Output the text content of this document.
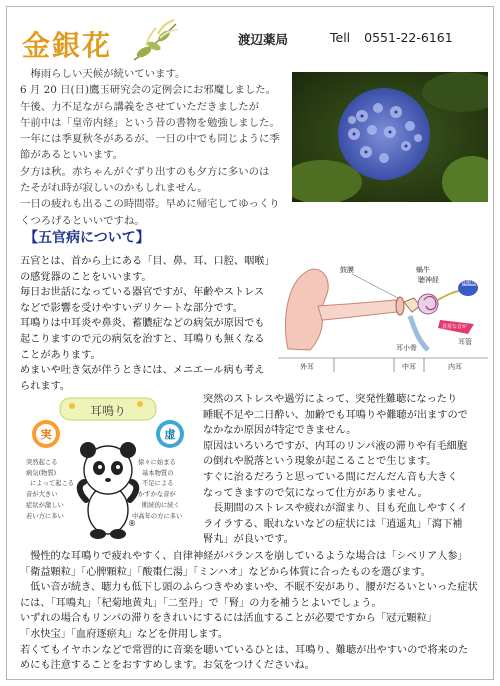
金銀花	渡辺薬局	Tell 0551-22-6161

梅雨らしい天候が続いています。

6 月 20 日(日)鷹玉研究会の定例会にお邪魔しました。

午後、力不足ながら講義をさせていただきましたが

午前中は「皇帝内経」という昔の書物を勉強しました。

一年には季夏秋冬があるが、一日の中でも同じように季

節があるといいます。

夕方は秋。赤ちゃんがぐずり出すのも夕方に多いのは

たそがれ時が寂しいのかもしれません。

一日の疲れも出るこの時間帯。早めに帰宅してゆっくり

くつろげるといいですね。

【五官病について】

五官とは、首から上にある「目、鼻、耳、口腔、咽喉」

の感覚器のことをいいます。

毎日お世話になっている器官ですが、年齢やストレス

などで影響を受けやすいデリケートな部分です。

耳鳴りは中耳炎や鼻炎、蓄膿症などの病気が原因でも

起こりますので元の病気を治すと、耳鳴りも無くなる

ことがあります。

めまいや吐き気が伴うときには、メニエール病も考え

られます。

鼓膜	蝸牛
聴神経	耳鳴り
異常な音が
耳管
耳小骨
外耳	中耳	内耳
耳鳴り
実	虚
突然起こる
病気(物質)
によって起こる
音が大きい
症状が激しい
若い方に多い
徐々に始まる
基本物質の
不足による
かすかな音が
断続的に続く
中高年の方に多い
®

突然のストレスや過労によって、突発性難聴になったり

睡眠不足や二日酔い、加齢でも耳鳴りや難聴が出ますので

なかなか原因が特定できません。

原因はいろいろですが、内耳のリンパ液の滞りや有毛細胞

の倒れや脱落という現象が起こることで生じます。

すぐに治るだろうと思っている間にだんだん音も大きく

なってきますので気になって仕方がありません。

　長期間のストレスや疲れが溜まり、目も充血しやすくイ

ライラする、眠れないなどの症状には「逍遥丸」「瀉下補

腎丸」が良いです。

　慢性的な耳鳴りで疲れやすく、自律神経がバランスを崩しているような場合は「シベリア人参」

「衛益顆粒」「心脾顆粒」「酸棗仁湯」「ミンハオ」などから体質に合ったものを選びます。

　低い音が続き、聴力も低下し頭のふらつきやめまいや、不眠不安があり、腰がだるいといった症状

には、「耳鳴丸」「杞菊地黄丸」「二至丹」で「腎」の力を補うとよいでしょう。

いずれの場合もリンパの滞りをきれいにするには活血することが必要ですから「冠元顆粒」

「水快宝」「血府逐瘀丸」などを併用します。

若くてもイヤホンなどで常習的に音楽を聴いているひとは、耳鳴り、難聴が出やすいので将来のた

めにも注意することをおすすめします。お気をつけくださいね。
